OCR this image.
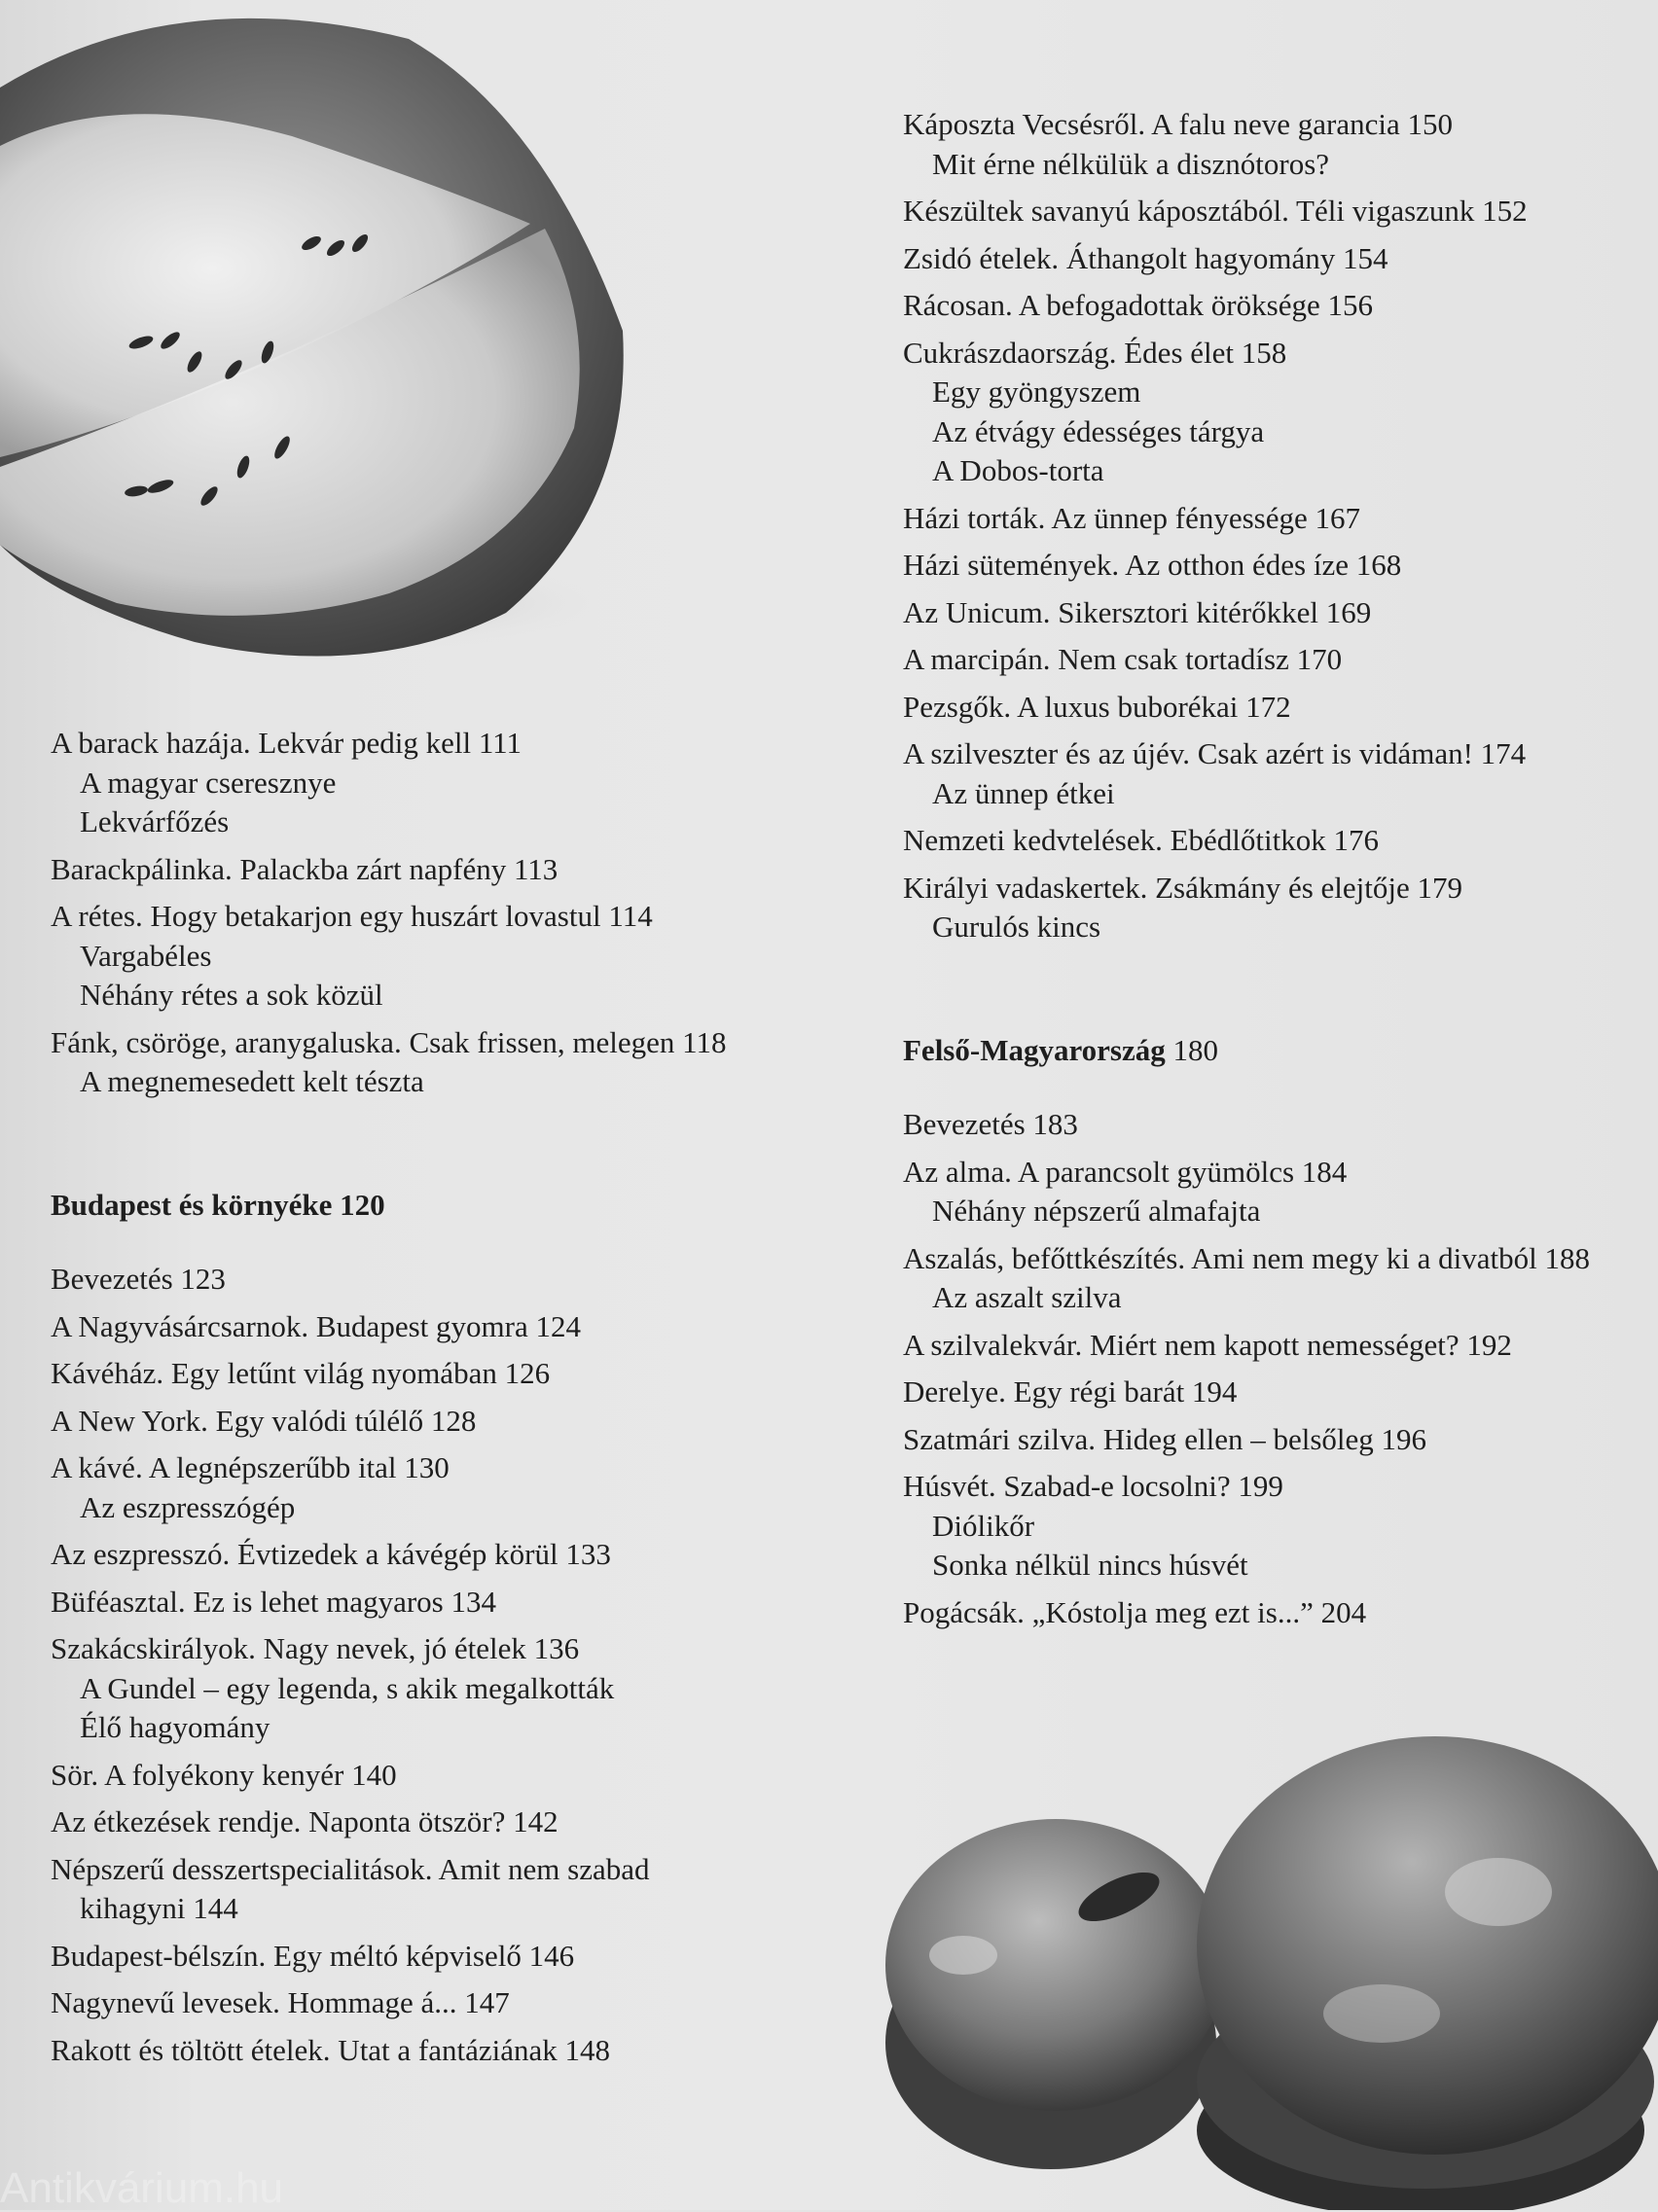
A barack hazája. Lekvár pedig kell 111
A magyar cseresznye
Lekvárfőzés
Barackpálinka. Palackba zárt napfény 113
A rétes. Hogy betakarjon egy huszárt lovastul 114
Vargabéles
Néhány rétes a sok közül
Fánk, csöröge, aranygaluska. Csak frissen, melegen 118
A megnemesedett kelt tészta
Budapest és környéke 120
Bevezetés 123
A Nagyvásárcsarnok. Budapest gyomra 124
Kávéház. Egy letűnt világ nyomában 126
A New York. Egy valódi túlélő 128
A kávé. A legnépszerűbb ital 130
Az eszpresszógép
Az eszpresszó. Évtizedek a kávégép körül 133
Büféasztal. Ez is lehet magyaros 134
Szakácskirályok. Nagy nevek, jó ételek 136
A Gundel – egy legenda, s akik megalkották
Élő hagyomány
Sör. A folyékony kenyér 140
Az étkezések rendje. Naponta ötször? 142
Népszerű desszertspecialitások. Amit nem szabad
kihagyni 144
Budapest-bélszín. Egy méltó képviselő 146
Nagynevű levesek. Hommage á... 147
Rakott és töltött ételek. Utat a fantáziának 148
Káposzta Vecsésről. A falu neve garancia 150
Mit érne nélkülük a disznótoros?
Készültek savanyú káposztából. Téli vigaszunk 152
Zsidó ételek. Áthangolt hagyomány 154
Rácosan. A befogadottak öröksége 156
Cukrászdaország. Édes élet 158
Egy gyöngyszem
Az étvágy édességes tárgya
A Dobos-torta
Házi torták. Az ünnep fényessége 167
Házi sütemények. Az otthon édes íze 168
Az Unicum. Sikersztori kitérőkkel 169
A marcipán. Nem csak tortadísz 170
Pezsgők. A luxus buborékai 172
A szilveszter és az újév. Csak azért is vidáman! 174
Az ünnep étkei
Nemzeti kedvtelések. Ebédlőtitkok 176
Királyi vadaskertek. Zsákmány és elejtője 179
Gurulós kincs
Felső-Magyarország 180
Bevezetés 183
Az alma. A parancsolt gyümölcs 184
Néhány népszerű almafajta
Aszalás, befőttkészítés. Ami nem megy ki a divatból 188
Az aszalt szilva
A szilvalekvár. Miért nem kapott nemességet? 192
Derelye. Egy régi barát 194
Szatmári szilva. Hideg ellen – belsőleg 196
Húsvét. Szabad-e locsolni? 199
Diólikőr
Sonka nélkül nincs húsvét
Pogácsák. „Kóstolja meg ezt is...” 204
Antikvárium.hu
